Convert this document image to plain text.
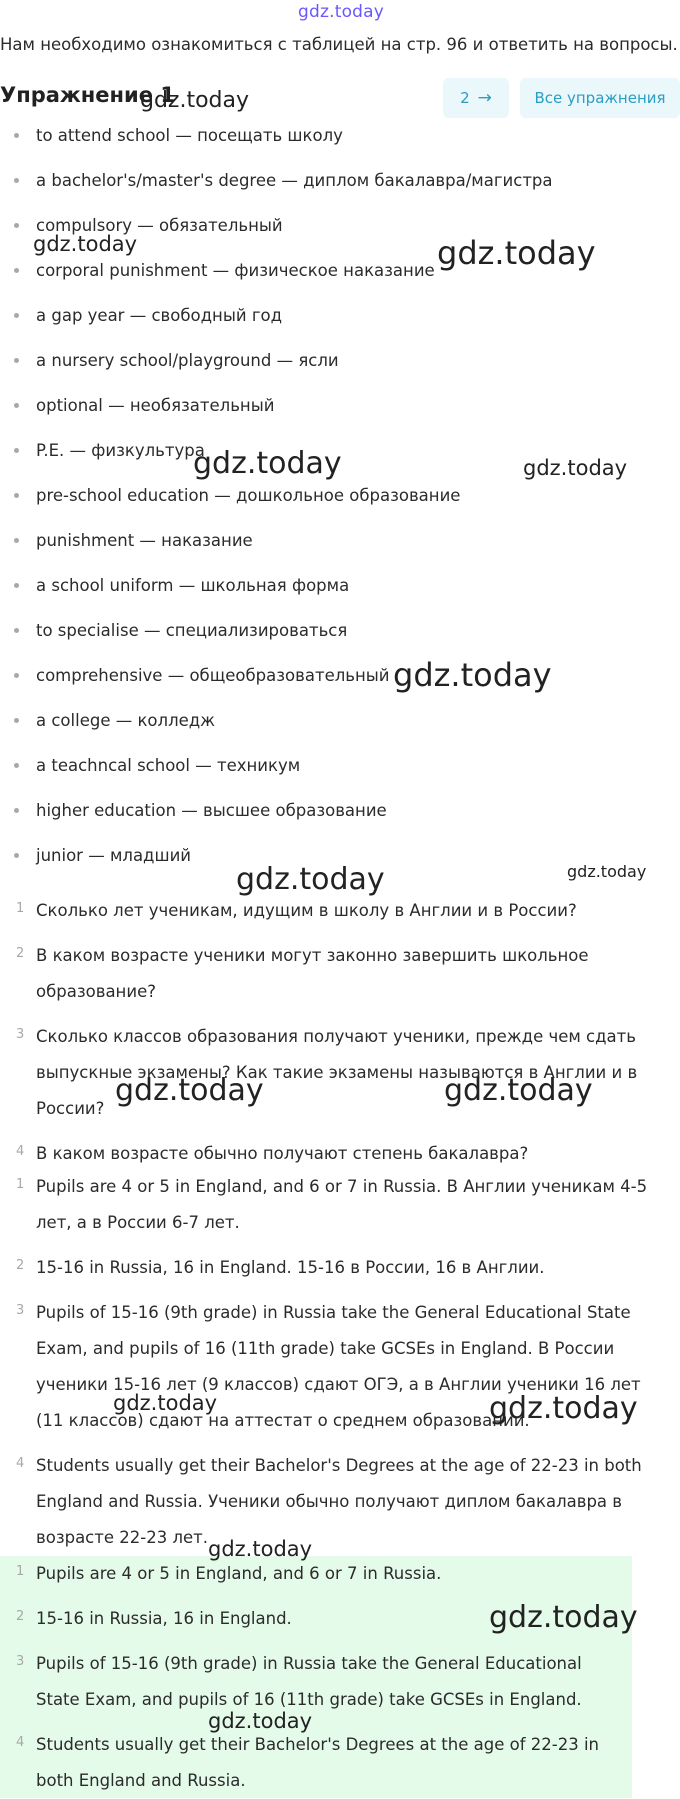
gdz.today
Нам необходимо ознакомиться с таблицей на стр. 96 и ответить на вопросы.
Упражнение 1	2 →	Все упражнения
to attend school — посещать школу
a bachelor's/master's degree — диплом бакалавра/магистра
compulsory — обязательный
corporal punishment — физическое наказание
a gap year — свободный год
a nursery school/playground — ясли
optional — необязательный
P.E. — физкультура
pre-school education — дошкольное образование
punishment — наказание
a school uniform — школьная форма
to specialise — специализироваться
comprehensive — общеобразовательный
a college — колледж
a teachncal school — техникум
higher education — высшее образование
junior — младший
1 Сколько лет ученикам, идущим в школу в Англии и в России?
2 В каком возрасте ученики могут законно завершить школьное образование?
3 Сколько классов образования получают ученики, прежде чем сдать выпускные экзамены? Как такие экзамены называются в Англии и в России?
4 В каком возрасте обычно получают степень бакалавра?
1 Pupils are 4 or 5 in England, and 6 or 7 in Russia. В Англии ученикам 4-5 лет, а в России 6-7 лет.
2 15-16 in Russia, 16 in England. 15-16 в России, 16 в Англии.
3 Pupils of 15-16 (9th grade) in Russia take the General Educational State Exam, and pupils of 16 (11th grade) take GCSEs in England. В России ученики 15-16 лет (9 классов) сдают ОГЭ, а в Англии ученики 16 лет (11 классов) сдают на аттестат о среднем образовании.
4 Students usually get their Bachelor's Degrees at the age of 22-23 in both England and Russia. Ученики обычно получают диплом бакалавра в возрасте 22-23 лет.
1 Pupils are 4 or 5 in England, and 6 or 7 in Russia.
2 15-16 in Russia, 16 in England.
3 Pupils of 15-16 (9th grade) in Russia take the General Educational State Exam, and pupils of 16 (11th grade) take GCSEs in England.
4 Students usually get their Bachelor's Degrees at the age of 22-23 in both England and Russia.
gdz.today
gdz.today	gdz.today
gdz.today	gdz.today
gdz.today
gdz.today	gdz.today
gdz.today	gdz.today
gdz.today	gdz.today
gdz.today
gdz.today
gdz.today
